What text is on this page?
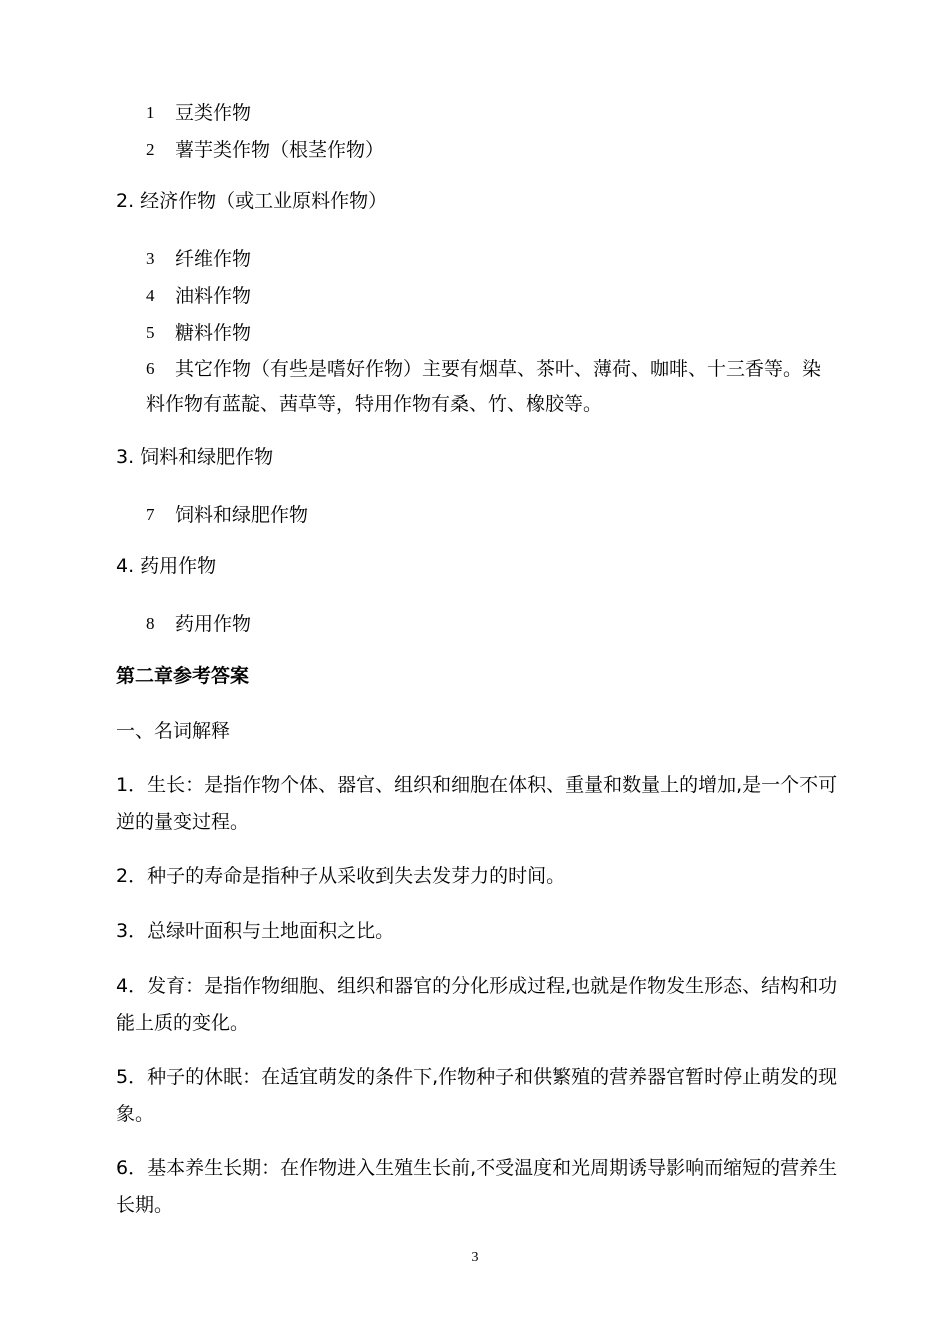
1 豆类作物
2 薯芋类作物（根茎作物）
2. 经济作物（或工业原料作物）
3 纤维作物
4 油料作物
5 糖料作物
6 其它作物（有些是嗜好作物）主要有烟草、茶叶、薄荷、咖啡、十三香等。染
料作物有蓝靛、茜草等，特用作物有桑、竹、橡胶等。
3. 饲料和绿肥作物
7 饲料和绿肥作物
4. 药用作物
8 药用作物
第二章参考答案
一、名词解释
1．生长：是指作物个体、器官、组织和细胞在体积、重量和数量上的增加,是一个不可
逆的量变过程。
2．种子的寿命是指种子从采收到失去发芽力的时间。
3．总绿叶面积与土地面积之比。
4．发育：是指作物细胞、组织和器官的分化形成过程,也就是作物发生形态、结构和功
能上质的变化。
5．种子的休眠：在适宜萌发的条件下,作物种子和供繁殖的营养器官暂时停止萌发的现
象。
6．基本养生长期：在作物进入生殖生长前,不受温度和光周期诱导影响而缩短的营养生
长期。
3
